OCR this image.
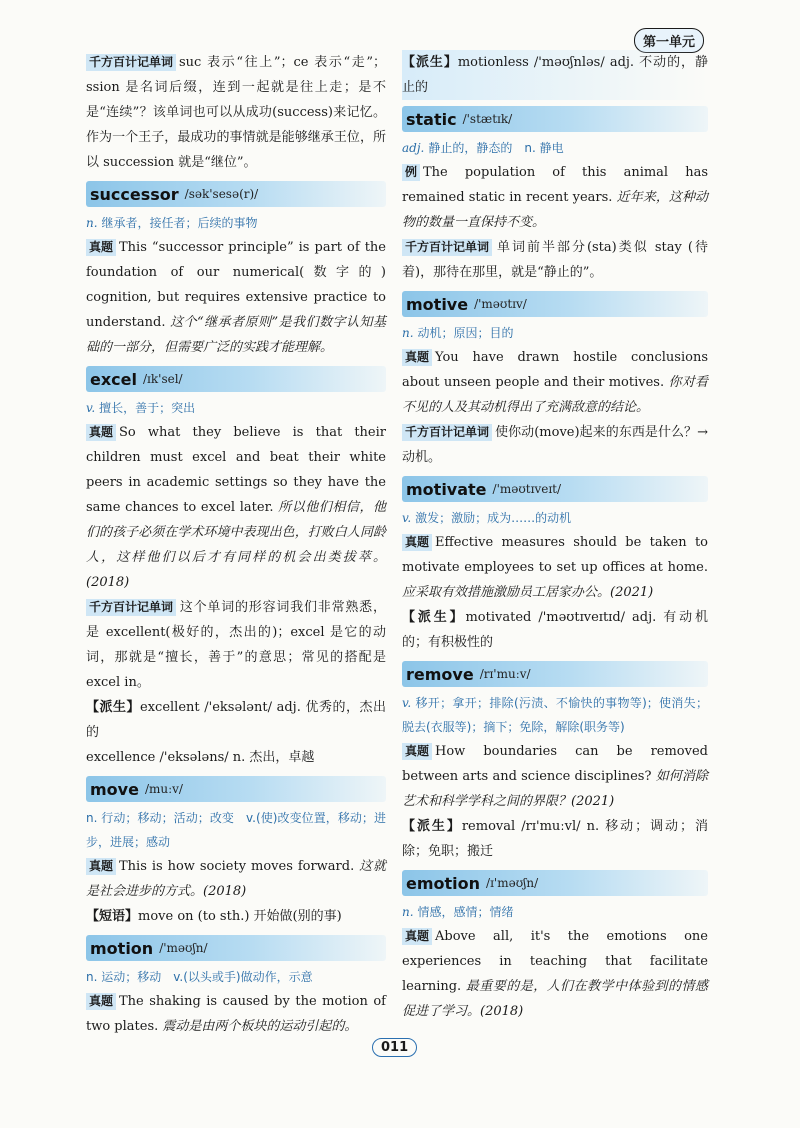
第一单元

千方百计记单词 suc 表示“往上”；ce 表示“走”；ssion 是名词后缀，连到一起就是往上走；是不是“连续”？该单词也可以从成功(success)来记忆。作为一个王子，最成功的事情就是能够继承王位，所以 succession 就是“继位”。

successor /sək'sesə(r)/

n. 继承者，接任者；后续的事物

真题 This “successor principle” is part of the foundation of our numerical(数字的) cognition, but requires extensive practice to understand. 这个“继承者原则”是我们数字认知基础的一部分，但需要广泛的实践才能理解。

excel /ɪk'sel/

v. 擅长，善于；突出

真题 So what they believe is that their children must excel and beat their white peers in academic settings so they have the same chances to excel later. 所以他们相信，他们的孩子必须在学术环境中表现出色，打败白人同龄人，这样他们以后才有同样的机会出类拔萃。(2018)

千方百计记单词 这个单词的形容词我们非常熟悉，是 excellent(极好的，杰出的)；excel 是它的动词，那就是“擅长，善于”的意思；常见的搭配是 excel in。

【派生】excellent /'eksələnt/ adj. 优秀的，杰出的

excellence /'eksələns/ n. 杰出，卓越

move /muːv/

n. 行动；移动；活动；改变　v.(使)改变位置，移动；进步，进展；感动

真题 This is how society moves forward. 这就是社会进步的方式。(2018)

【短语】move on (to sth.) 开始做(别的事)

motion /'məʊʃn/

n. 运动；移动　v.(以头或手)做动作，示意

真题 The shaking is caused by the motion of two plates. 震动是由两个板块的运动引起的。

【派生】motionless /'məʊʃnləs/ adj. 不动的，静止的

static /'stætɪk/

adj. 静止的，静态的　n. 静电

例 The population of this animal has remained static in recent years. 近年来，这种动物的数量一直保持不变。

千方百计记单词 单词前半部分(sta)类似 stay (待着)，那待在那里，就是“静止的”。

motive /'məʊtɪv/

n. 动机；原因；目的

真题 You have drawn hostile conclusions about unseen people and their motives. 你对看不见的人及其动机得出了充满敌意的结论。

千方百计记单词 使你动(move)起来的东西是什么？→动机。

motivate /'məʊtɪveɪt/

v. 激发；激励；成为……的动机

真题 Effective measures should be taken to motivate employees to set up offices at home. 应采取有效措施激励员工居家办公。(2021)

【派生】motivated /'məʊtɪveɪtɪd/ adj. 有动机的；有积极性的

remove /rɪ'muːv/

v. 移开；拿开；排除(污渍、不愉快的事物等)；使消失；脱去(衣服等)；摘下；免除，解除(职务等)

真题 How boundaries can be removed between arts and science disciplines? 如何消除艺术和科学学科之间的界限？(2021)

【派生】removal /rɪ'muːvl/ n. 移动；调动；消除；免职；搬迁

emotion /ɪ'məʊʃn/

n. 情感，感情；情绪

真题 Above all, it's the emotions one experiences in teaching that facilitate learning. 最重要的是，人们在教学中体验到的情感促进了学习。(2018)

011
